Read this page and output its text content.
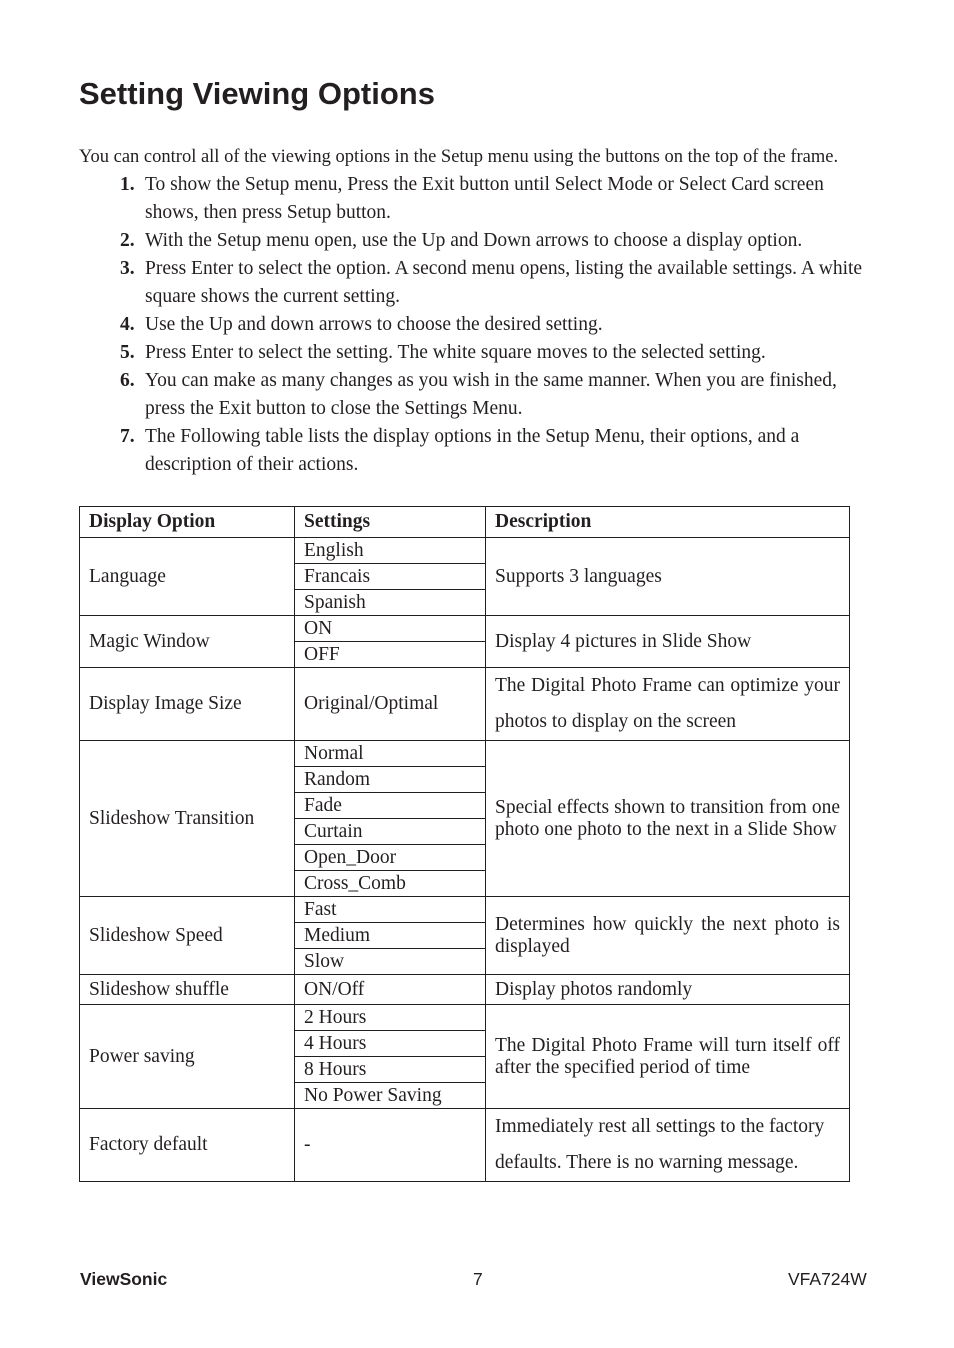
Setting Viewing Options
You can control all of the viewing options in the Setup menu using the buttons on the top of the frame.
1. To show the Setup menu, Press the Exit button until Select Mode or Select Card screen shows, then press Setup button.
2. With the Setup menu open, use the Up and Down arrows to choose a display option.
3. Press Enter to select the option. A second menu opens, listing the available settings. A white square shows the current setting.
4. Use the Up and down arrows to choose the desired setting.
5. Press Enter to select the setting. The white square moves to the selected setting.
6. You can make as many changes as you wish in the same manner. When you are finished, press the Exit button to close the Settings Menu.
7. The Following table lists the display options in the Setup Menu, their options, and a description of their actions.
Display Option	Settings	Description
Language	English	Supports 3 languages
	Francais	
	Spanish	
Magic Window	ON	Display 4 pictures in Slide Show
	OFF	
Display Image Size	Original/Optimal	The Digital Photo Frame can optimize your photos to display on the screen
Slideshow Transition	Normal	Special effects shown to transition from one photo one photo to the next in a Slide Show
	Random	
	Fade	
	Curtain	
	Open_Door	
	Cross_Comb	
Slideshow Speed	Fast	Determines how quickly the next photo is displayed
	Medium	
	Slow	
Slideshow shuffle	ON/Off	Display photos randomly
Power saving	2 Hours	The Digital Photo Frame will turn itself off after the specified period of time
	4 Hours	
	8 Hours	
	No Power Saving	
Factory default	-	Immediately rest all settings to the factory defaults. There is no warning message.
ViewSonic	7	VFA724W
